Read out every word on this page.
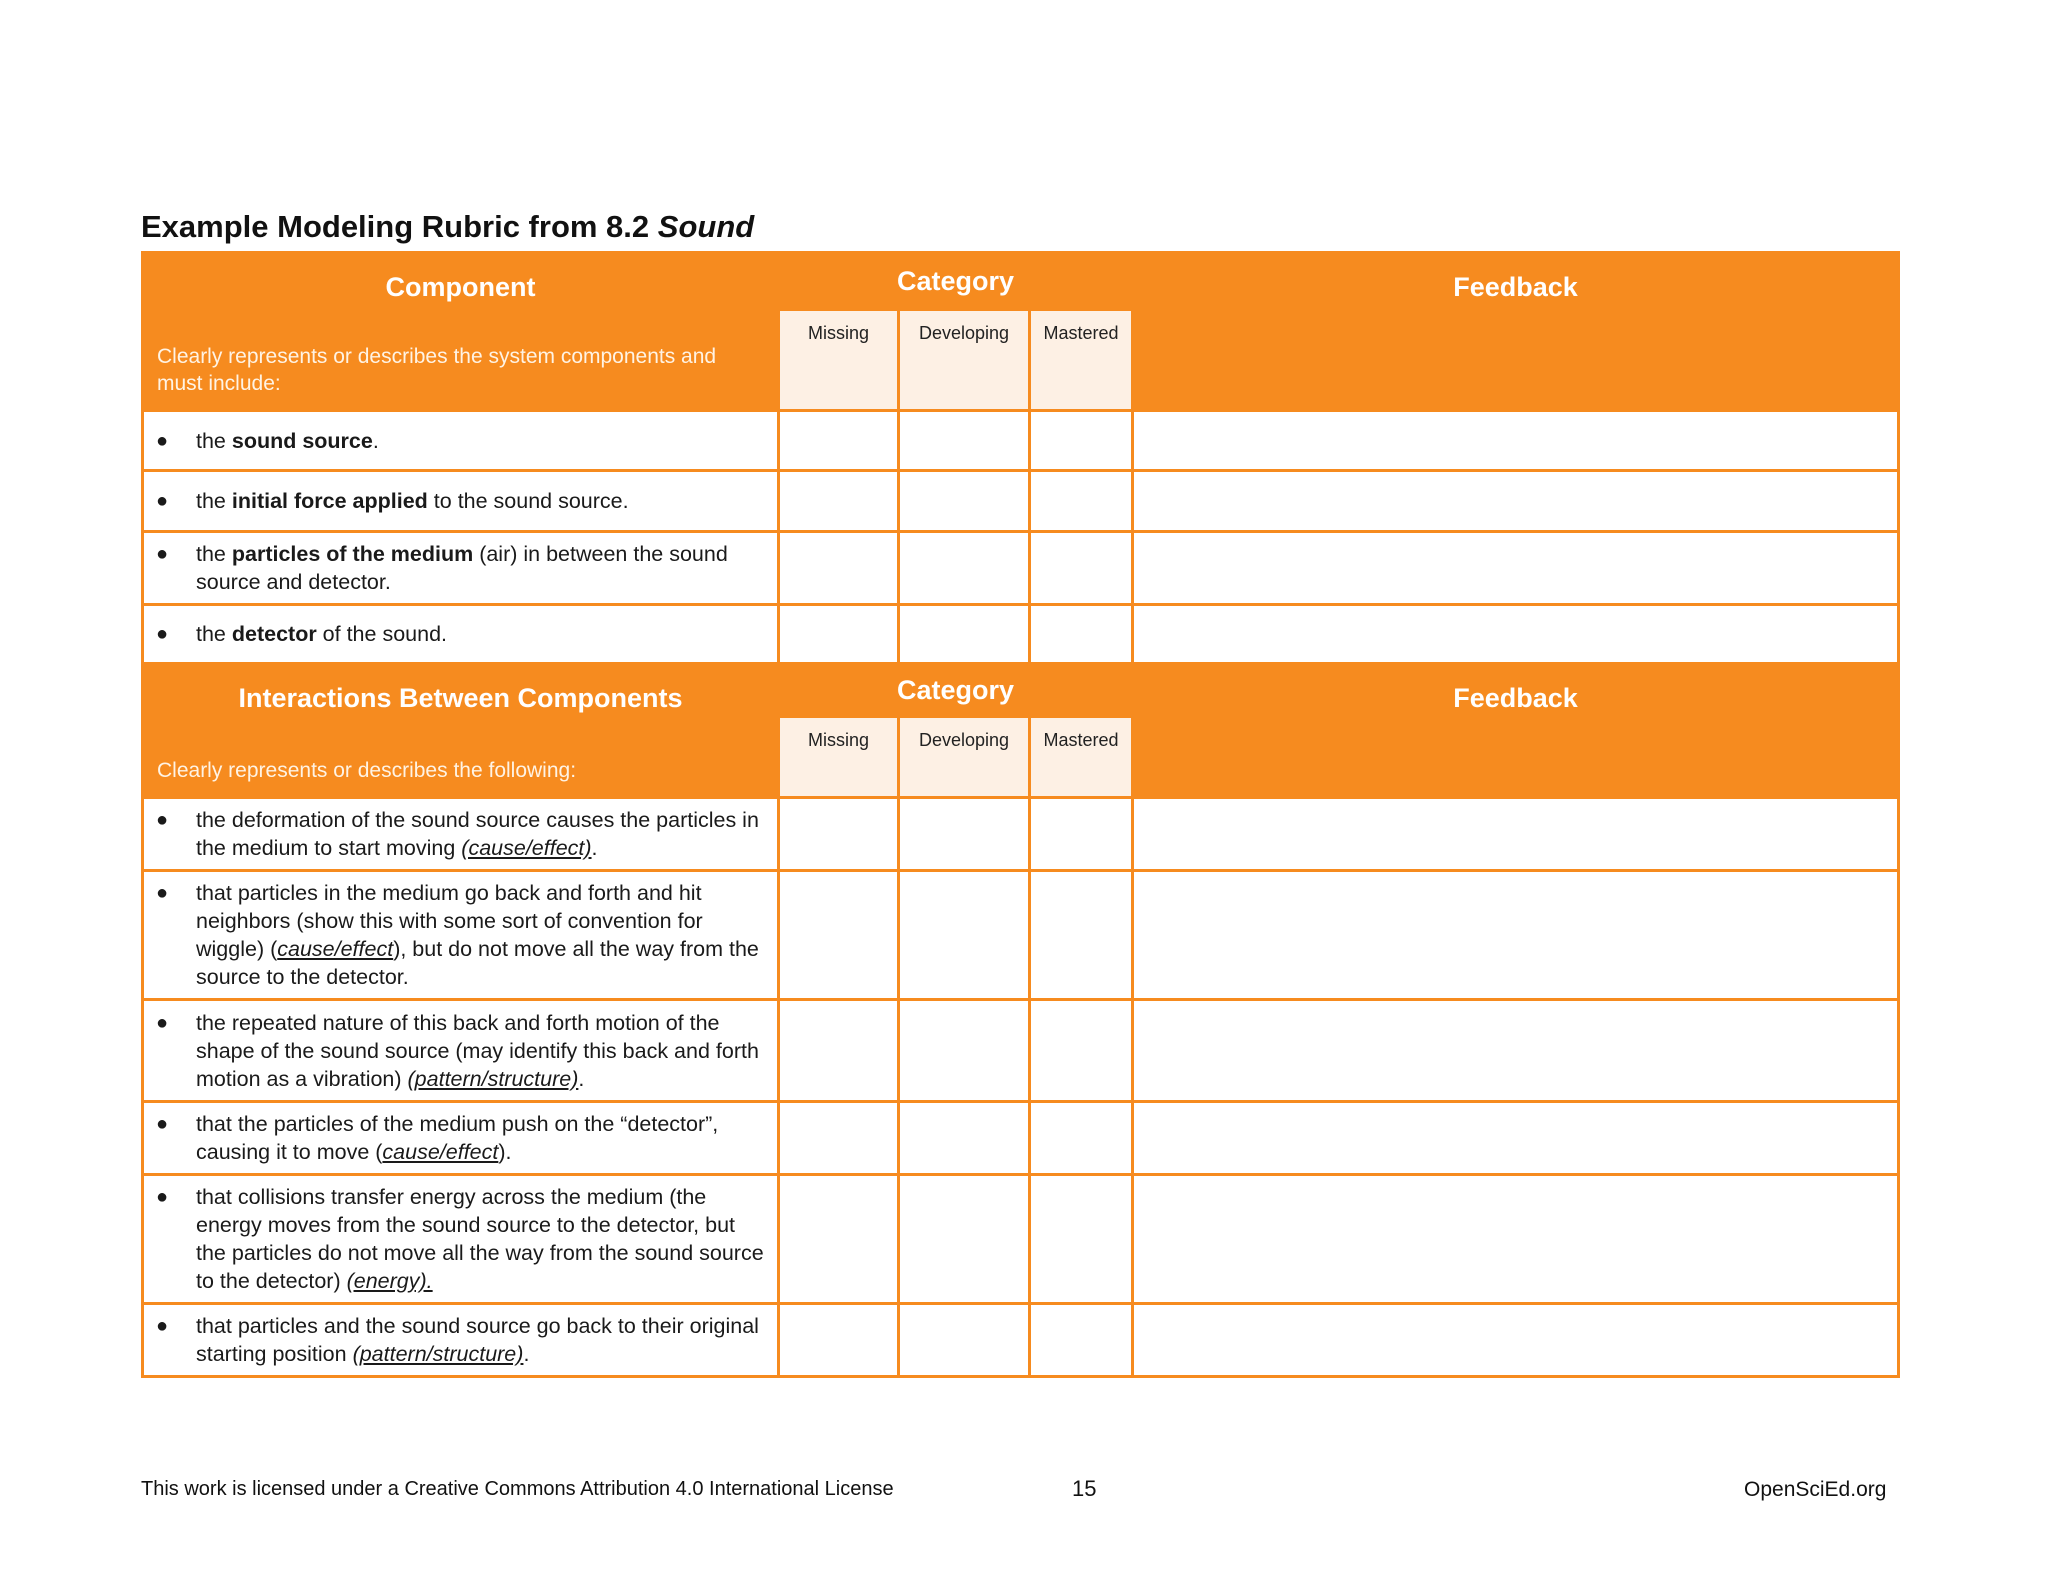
Example Modeling Rubric from 8.2 Sound
Component
Clearly represents or describes the system components and must include:	Category			Feedback
	Missing	Developing	Mastered	

● the sound source.				

● the initial force applied to the sound source.				

● the particles of the medium (air) in between the sound source and detector.				

● the detector of the sound.				

Interactions Between Components
Clearly represents or describes the following:	Category			Feedback
	Missing	Developing	Mastered	

● the deformation of the sound source causes the particles in the medium to start moving (cause/effect).				

● that particles in the medium go back and forth and hit neighbors (show this with some sort of convention for wiggle) (cause/effect), but do not move all the way from the source to the detector.				

● the repeated nature of this back and forth motion of the shape of the sound source (may identify this back and forth motion as a vibration) (pattern/structure).				

● that the particles of the medium push on the “detector”, causing it to move (cause/effect).				

● that collisions transfer energy across the medium (the energy moves from the sound source to the detector, but the particles do not move all the way from the sound source to the detector) (energy).				

● that particles and the sound source go back to their original starting position (pattern/structure).				

This work is licensed under a Creative Commons Attribution 4.0 International License	15	OpenSciEd.org
